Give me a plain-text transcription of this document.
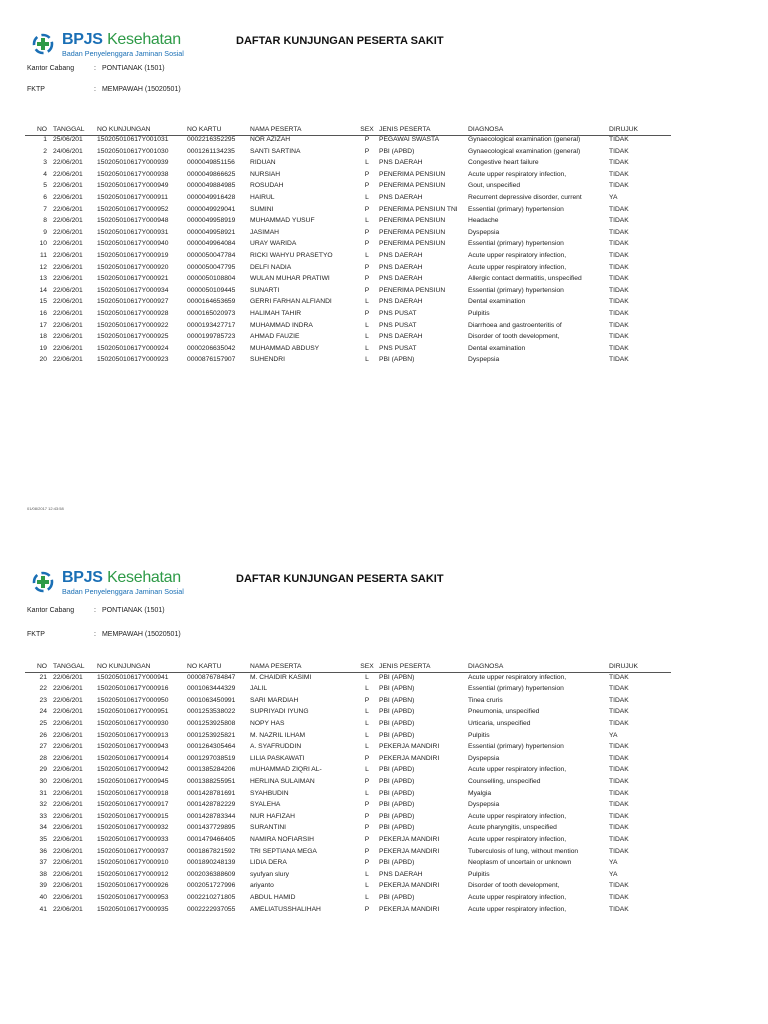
BPJS Kesehatan
Badan Penyelenggara Jaminan Sosial
DAFTAR KUNJUNGAN PESERTA SAKIT
Kantor Cabang	: PONTIANAK (1501)
FKTP	: MEMPAWAH (15020501)
NO TANGGAL	NO KUNJUNGAN	NO KARTU	NAMA PESERTA	SEX JENIS PESERTA	DIAGNOSA	DIRUJUK
01/08/2017 12:43:58
1 25/06/201	150205010617Y001031	0002216352295	NOR AZIZAH	P	PEGAWAI SWASTA	Gynaecological examination (general)	TIDAK
2 24/06/201	150205010617Y001030	0001261134235	SANTI SARTINA	P	PBI (APBD)	Gynaecological examination (general)	TIDAK
3 22/06/201	150205010617Y000939	0000049851156	RIDUAN	L	PNS DAERAH	Congestive heart failure	TIDAK
4 22/06/201	150205010617Y000938	0000049866625	NURSIAH	P	PENERIMA PENSIUN	Acute upper respiratory infection,	TIDAK
5 22/06/201	150205010617Y000949	0000049884985	ROSUDAH	P	PENERIMA PENSIUN	Gout, unspecified	TIDAK
6 22/06/201	150205010617Y000911	0000049916428	HAIRUL	L	PNS DAERAH	Recurrent depressive disorder, current	YA
7 22/06/201	150205010617Y000952	0000049929041	SUMINI	P	PENERIMA PENSIUN TNI	Essential (primary) hypertension	TIDAK
8 22/06/201	150205010617Y000948	0000049958919	MUHAMMAD YUSUF	L	PENERIMA PENSIUN	Headache	TIDAK
9 22/06/201	150205010617Y000931	0000049958921	JASIMAH	P	PENERIMA PENSIUN	Dyspepsia	TIDAK
10 22/06/201	150205010617Y000940	0000049964084	URAY WARIDA	P	PENERIMA PENSIUN	Essential (primary) hypertension	TIDAK
11 22/06/201	150205010617Y000919	0000050047784	RICKI WAHYU PRASETYO	L	PNS DAERAH	Acute upper respiratory infection,	TIDAK
12 22/06/201	150205010617Y000920	0000050047795	DELFI NADIA	P	PNS DAERAH	Acute upper respiratory infection,	TIDAK
13 22/06/201	150205010617Y000921	0000050108804	WULAN MUHAR PRATIWI	P	PNS DAERAH	Allergic contact dermatitis, unspecified	TIDAK
14 22/06/201	150205010617Y000934	0000050109445	SUNARTI	P	PENERIMA PENSIUN	Essential (primary) hypertension	TIDAK
15 22/06/201	150205010617Y000927	0000164653659	GERRI FARHAN ALFIANDI	L	PNS DAERAH	Dental examination	TIDAK
16 22/06/201	150205010617Y000928	0000165020973	HALIMAH TAHIR	P	PNS PUSAT	Pulpitis	TIDAK
17 22/06/201	150205010617Y000922	0000193427717	MUHAMMAD INDRA	L	PNS PUSAT	Diarrhoea and gastroenteritis of	TIDAK
18 22/06/201	150205010617Y000925	0000199785723	AHMAD FAUZIE	L	PNS DAERAH	Disorder of tooth development,	TIDAK
19 22/06/201	150205010617Y000924	0000206635042	MUHAMMAD ABDUSY	L	PNS PUSAT	Dental examination	TIDAK
20 22/06/201	150205010617Y000923	0000876157907	SUHENDRI	L	PBI (APBN)	Dyspepsia	TIDAK
BPJS Kesehatan
Badan Penyelenggara Jaminan Sosial
DAFTAR KUNJUNGAN PESERTA SAKIT
Kantor Cabang	: PONTIANAK (1501)
FKTP	: MEMPAWAH (15020501)
NO TANGGAL	NO KUNJUNGAN	NO KARTU	NAMA PESERTA	SEX JENIS PESERTA	DIAGNOSA	DIRUJUK
21 22/06/201	150205010617Y000941	0000876784847	M. CHAIDIR KASIMI	L	PBI (APBN)	Acute upper respiratory infection,	TIDAK
22 22/06/201	150205010617Y000916	0001063444329	JALIL	L	PBI (APBN)	Essential (primary) hypertension	TIDAK
23 22/06/201	150205010617Y000950	0001063450991	SARI MARDIAH	P	PBI (APBN)	Tinea cruris	TIDAK
24 22/06/201	150205010617Y000951	0001253538022	SUPRIYADI IYUNG	L	PBI (APBD)	Pneumonia, unspecified	TIDAK
25 22/06/201	150205010617Y000930	0001253925808	NOPY HAS	L	PBI (APBD)	Urticaria, unspecified	TIDAK
26 22/06/201	150205010617Y000913	0001253925821	M. NAZRIL ILHAM	L	PBI (APBD)	Pulpitis	YA
27 22/06/201	150205010617Y000943	0001264305464	A. SYAFRUDDIN	L	PEKERJA MANDIRI	Essential (primary) hypertension	TIDAK
28 22/06/201	150205010617Y000914	0001297038519	LILIA PASKAWATI	P	PEKERJA MANDIRI	Dyspepsia	TIDAK
29 22/06/201	150205010617Y000942	0001385284206	mUHAMMAD ZIQRI AL-	L	PBI (APBD)	Acute upper respiratory infection,	TIDAK
30 22/06/201	150205010617Y000945	0001388255951	HERLINA SULAIMAN	P	PBI (APBD)	Counselling, unspecified	TIDAK
31 22/06/201	150205010617Y000918	0001428781691	SYAHBUDIN	L	PBI (APBD)	Myalgia	TIDAK
32 22/06/201	150205010617Y000917	0001428782229	SYALEHA	P	PBI (APBD)	Dyspepsia	TIDAK
33 22/06/201	150205010617Y000915	0001428783344	NUR HAFIZAH	P	PBI (APBD)	Acute upper respiratory infection,	TIDAK
34 22/06/201	150205010617Y000932	0001437729895	SURANTINI	P	PBI (APBD)	Acute pharyngitis, unspecified	TIDAK
35 22/06/201	150205010617Y000933	0001479466405	NAMIRA NOFIARSIH	P	PEKERJA MANDIRI	Acute upper respiratory infection,	TIDAK
36 22/06/201	150205010617Y000937	0001867821592	TRI SEPTIANA MEGA	P	PEKERJA MANDIRI	Tuberculosis of lung, without mention	TIDAK
37 22/06/201	150205010617Y000910	0001890248139	LIDIA DERA	P	PBI (APBD)	Neoplasm of uncertain or unknown	YA
38 22/06/201	150205010617Y000912	0002036388609	syufyan slury	L	PNS DAERAH	Pulpitis	YA
39 22/06/201	150205010617Y000926	0002051727996	ariyanto	L	PEKERJA MANDIRI	Disorder of tooth development,	TIDAK
40 22/06/201	150205010617Y000953	0002210271805	ABDUL HAMID	L	PBI (APBD)	Acute upper respiratory infection,	TIDAK
41 22/06/201	150205010617Y000935	0002222937055	AMELIATUSSHALIHAH	P	PEKERJA MANDIRI	Acute upper respiratory infection,	TIDAK
